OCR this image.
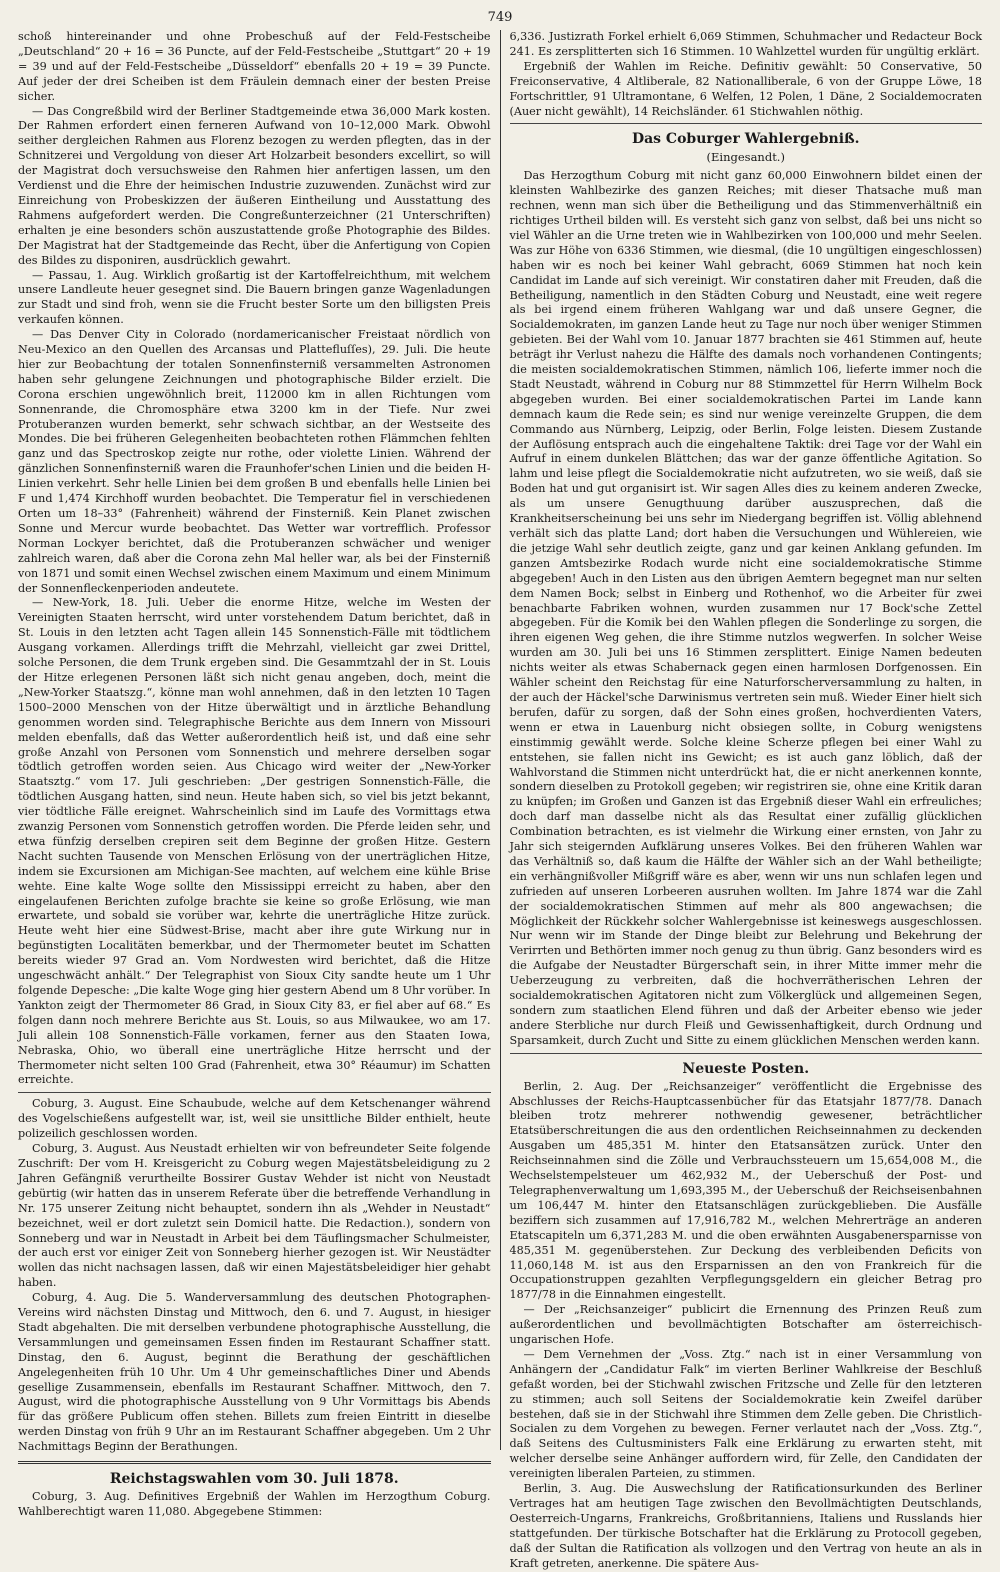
749

schoß hintereinander und ohne Probeschuß auf der Feld-Festscheibe „Deutschland“ 20 + 16 = 36 Puncte, auf der Feld-Festscheibe „Stuttgart“ 20 + 19 = 39 und auf der Feld-Festscheibe „Düsseldorf“ ebenfalls 20 + 19 = 39 Puncte. Auf jeder der drei Scheiben ist dem Fräulein demnach einer der besten Preise sicher.

— Das Congreßbild wird der Berliner Stadtgemeinde etwa 36,000 Mark kosten. Der Rahmen erfordert einen ferneren Aufwand von 10–12,000 Mark. Obwohl seither dergleichen Rahmen aus Florenz bezogen zu werden pflegten, das in der Schnitzerei und Vergoldung von dieser Art Holzarbeit besonders excellirt, so will der Magistrat doch versuchsweise den Rahmen hier anfertigen lassen, um den Verdienst und die Ehre der heimischen Industrie zuzuwenden. Zunächst wird zur Einreichung von Probeskizzen der äußeren Eintheilung und Ausstattung des Rahmens aufgefordert werden. Die Congreßunterzeichner (21 Unterschriften) erhalten je eine besonders schön auszustattende große Photographie des Bildes. Der Magistrat hat der Stadtgemeinde das Recht, über die Anfertigung von Copien des Bildes zu disponiren, ausdrücklich gewahrt.

— Passau, 1. Aug. Wirklich großartig ist der Kartoffelreichthum, mit welchem unsere Landleute heuer gesegnet sind. Die Bauern bringen ganze Wagenladungen zur Stadt und sind froh, wenn sie die Frucht bester Sorte um den billigsten Preis verkaufen können.

— Das Denver City in Colorado (nordamericanischer Freistaat nördlich von Neu-Mexico an den Quellen des Arcansas und Plattefluſſes), 29. Juli. Die heute hier zur Beobachtung der totalen Sonnenfinsterniß versammelten Astronomen haben sehr gelungene Zeichnungen und photographische Bilder erzielt. Die Corona erschien ungewöhnlich breit, 112000 km in allen Richtungen vom Sonnenrande, die Chromosphäre etwa 3200 km in der Tiefe. Nur zwei Protuberanzen wurden bemerkt, sehr schwach sichtbar, an der Westseite des Mondes. Die bei früheren Gelegenheiten beobachteten rothen Flämmchen fehlten ganz und das Spectroskop zeigte nur rothe, oder violette Linien. Während der gänzlichen Sonnenfinsterniß waren die Fraunhofer'schen Linien und die beiden H-Linien verkehrt. Sehr helle Linien bei dem großen B und ebenfalls helle Linien bei F und 1,474 Kirchhoff wurden beobachtet. Die Temperatur fiel in verschiedenen Orten um 18–33° (Fahrenheit) während der Finsterniß. Kein Planet zwischen Sonne und Mercur wurde beobachtet. Das Wetter war vortrefflich. Professor Norman Lockyer berichtet, daß die Protuberanzen schwächer und weniger zahlreich waren, daß aber die Corona zehn Mal heller war, als bei der Finsterniß von 1871 und somit einen Wechsel zwischen einem Maximum und einem Minimum der Sonnenfleckenperioden andeutete.

— New-York, 18. Juli. Ueber die enorme Hitze, welche im Westen der Vereinigten Staaten herrscht, wird unter vorstehendem Datum berichtet, daß in St. Louis in den letzten acht Tagen allein 145 Sonnenstich-Fälle mit tödtlichem Ausgang vorkamen. Allerdings trifft die Mehrzahl, vielleicht gar zwei Drittel, solche Personen, die dem Trunk ergeben sind. Die Gesammtzahl der in St. Louis der Hitze erlegenen Personen läßt sich nicht genau angeben, doch, meint die „New-Yorker Staatszg.“, könne man wohl annehmen, daß in den letzten 10 Tagen 1500–2000 Menschen von der Hitze überwältigt und in ärztliche Behandlung genommen worden sind. Telegraphische Berichte aus dem Innern von Missouri melden ebenfalls, daß das Wetter außerordentlich heiß ist, und daß eine sehr große Anzahl von Personen vom Sonnenstich und mehrere derselben sogar tödtlich getroffen worden seien. Aus Chicago wird weiter der „New-Yorker Staatsztg.“ vom 17. Juli geschrieben: „Der gestrigen Sonnenstich-Fälle, die tödtlichen Ausgang hatten, sind neun. Heute haben sich, so viel bis jetzt bekannt, vier tödtliche Fälle ereignet. Wahrscheinlich sind im Laufe des Vormittags etwa zwanzig Personen vom Sonnenstich getroffen worden. Die Pferde leiden sehr, und etwa fünfzig derselben crepiren seit dem Beginne der großen Hitze. Gestern Nacht suchten Tausende von Menschen Erlösung von der unerträglichen Hitze, indem sie Excursionen am Michigan-See machten, auf welchem eine kühle Brise wehte. Eine kalte Woge sollte den Mississippi erreicht zu haben, aber den eingelaufenen Berichten zufolge brachte sie keine so große Erlösung, wie man erwartete, und sobald sie vorüber war, kehrte die unerträgliche Hitze zurück. Heute weht hier eine Südwest-Brise, macht aber ihre gute Wirkung nur in begünstigten Localitäten bemerkbar, und der Thermometer beutet im Schatten bereits wieder 97 Grad an. Vom Nordwesten wird berichtet, daß die Hitze ungeschwächt anhält.“ Der Telegraphist von Sioux City sandte heute um 1 Uhr folgende Depesche: „Die kalte Woge ging hier gestern Abend um 8 Uhr vorüber. In Yankton zeigt der Thermometer 86 Grad, in Sioux City 83, er fiel aber auf 68.“ Es folgen dann noch mehrere Berichte aus St. Louis, so aus Milwaukee, wo am 17. Juli allein 108 Sonnenstich-Fälle vorkamen, ferner aus den Staaten Iowa, Nebraska, Ohio, wo überall eine unerträgliche Hitze herrscht und der Thermometer nicht selten 100 Grad (Fahrenheit, etwa 30° Réaumur) im Schatten erreichte.

Coburg, 3. August. Eine Schaubude, welche auf dem Ketschenanger während des Vogelschießens aufgestellt war, ist, weil sie unsittliche Bilder enthielt, heute polizeilich geschlossen worden.

Coburg, 3. August. Aus Neustadt erhielten wir von befreundeter Seite folgende Zuschrift: Der vom H. Kreisgericht zu Coburg wegen Majestätsbeleidigung zu 2 Jahren Gefängniß verurtheilte Bossirer Gustav Wehder ist nicht von Neustadt gebürtig (wir hatten das in unserem Referate über die betreffende Verhandlung in Nr. 175 unserer Zeitung nicht behauptet, sondern ihn als „Wehder in Neustadt“ bezeichnet, weil er dort zuletzt sein Domicil hatte. Die Redaction.), sondern von Sonneberg und war in Neustadt in Arbeit bei dem Täuflingsmacher Schulmeister, der auch erst vor einiger Zeit von Sonneberg hierher gezogen ist. Wir Neustädter wollen das nicht nachsagen lassen, daß wir einen Majestätsbeleidiger hier gehabt haben.

Coburg, 4. Aug. Die 5. Wanderversammlung des deutschen Photographen-Vereins wird nächsten Dinstag und Mittwoch, den 6. und 7. August, in hiesiger Stadt abgehalten. Die mit derselben verbundene photographische Ausstellung, die Versammlungen und gemeinsamen Essen finden im Restaurant Schaffner statt. Dinstag, den 6. August, beginnt die Berathung der geschäftlichen Angelegenheiten früh 10 Uhr. Um 4 Uhr gemeinschaftliches Diner und Abends gesellige Zusammensein, ebenfalls im Restaurant Schaffner. Mittwoch, den 7. August, wird die photographische Ausstellung von 9 Uhr Vormittags bis Abends für das größere Publicum offen stehen. Billets zum freien Eintritt in dieselbe werden Dinstag von früh 9 Uhr an im Restaurant Schaffner abgegeben. Um 2 Uhr Nachmittags Beginn der Berathungen.

Reichstagswahlen vom 30. Juli 1878.

Coburg, 3. Aug. Definitives Ergebniß der Wahlen im Herzogthum Coburg. Wahlberechtigt waren 11,080. Abgegebene Stimmen:

6,336. Justizrath Forkel erhielt 6,069 Stimmen, Schuhmacher und Redacteur Bock 241. Es zersplitterten sich 16 Stimmen. 10 Wahlzettel wurden für ungültig erklärt.

Ergebniß der Wahlen im Reiche. Definitiv gewählt: 50 Conservative, 50 Freiconservative, 4 Altliberale, 82 Nationalliberale, 6 von der Gruppe Löwe, 18 Fortschrittler, 91 Ultramontane, 6 Welfen, 12 Polen, 1 Däne, 2 Socialdemocraten (Auer nicht gewählt), 14 Reichsländer. 61 Stichwahlen nöthig.

Das Coburger Wahlergebniß.
(Eingesandt.)

Das Herzogthum Coburg mit nicht ganz 60,000 Einwohnern bildet einen der kleinsten Wahlbezirke des ganzen Reiches; mit dieser Thatsache muß man rechnen, wenn man sich über die Betheiligung und das Stimmenverhältniß ein richtiges Urtheil bilden will. Es versteht sich ganz von selbst, daß bei uns nicht so viel Wähler an die Urne treten wie in Wahlbezirken von 100,000 und mehr Seelen. Was zur Höhe von 6336 Stimmen, wie diesmal, (die 10 ungültigen eingeschlossen) haben wir es noch bei keiner Wahl gebracht, 6069 Stimmen hat noch kein Candidat im Lande auf sich vereinigt. Wir constatiren daher mit Freuden, daß die Betheiligung, namentlich in den Städten Coburg und Neustadt, eine weit regere als bei irgend einem früheren Wahlgang war und daß unsere Gegner, die Socialdemokraten, im ganzen Lande heut zu Tage nur noch über weniger Stimmen gebieten. Bei der Wahl vom 10. Januar 1877 brachten sie 461 Stimmen auf, heute beträgt ihr Verlust nahezu die Hälfte des damals noch vorhandenen Contingents; die meisten socialdemokratischen Stimmen, nämlich 106, lieferte immer noch die Stadt Neustadt, während in Coburg nur 88 Stimmzettel für Herrn Wilhelm Bock abgegeben wurden. Bei einer socialdemokratischen Partei im Lande kann demnach kaum die Rede sein; es sind nur wenige vereinzelte Gruppen, die dem Commando aus Nürnberg, Leipzig, oder Berlin, Folge leisten. Diesem Zustande der Auflösung entsprach auch die eingehaltene Taktik: drei Tage vor der Wahl ein Aufruf in einem dunkelen Blättchen; das war der ganze öffentliche Agitation. So lahm und leise pflegt die Socialdemokratie nicht aufzutreten, wo sie weiß, daß sie Boden hat und gut organisirt ist. Wir sagen Alles dies zu keinem anderen Zwecke, als um unsere Genugthuung darüber auszusprechen, daß die Krankheitserscheinung bei uns sehr im Niedergang begriffen ist. Völlig ablehnend verhält sich das platte Land; dort haben die Versuchungen und Wühlereien, wie die jetzige Wahl sehr deutlich zeigte, ganz und gar keinen Anklang gefunden. Im ganzen Amtsbezirke Rodach wurde nicht eine socialdemokratische Stimme abgegeben! Auch in den Listen aus den übrigen Aemtern begegnet man nur selten dem Namen Bock; selbst in Einberg und Rothenhof, wo die Arbeiter für zwei benachbarte Fabriken wohnen, wurden zusammen nur 17 Bock'sche Zettel abgegeben. Für die Komik bei den Wahlen pflegen die Sonderlinge zu sorgen, die ihren eigenen Weg gehen, die ihre Stimme nutzlos wegwerfen. In solcher Weise wurden am 30. Juli bei uns 16 Stimmen zersplittert. Einige Namen bedeuten nichts weiter als etwas Schabernack gegen einen harmlosen Dorfgenossen. Ein Wähler scheint den Reichstag für eine Naturforscherversammlung zu halten, in der auch der Häckel'sche Darwinismus vertreten sein muß. Wieder Einer hielt sich berufen, dafür zu sorgen, daß der Sohn eines großen, hochverdienten Vaters, wenn er etwa in Lauenburg nicht obsiegen sollte, in Coburg wenigstens einstimmig gewählt werde. Solche kleine Scherze pflegen bei einer Wahl zu entstehen, sie fallen nicht ins Gewicht; es ist auch ganz löblich, daß der Wahlvorstand die Stimmen nicht unterdrückt hat, die er nicht anerkennen konnte, sondern dieselben zu Protokoll gegeben; wir registriren sie, ohne eine Kritik daran zu knüpfen; im Großen und Ganzen ist das Ergebniß dieser Wahl ein erfreuliches; doch darf man dasselbe nicht als das Resultat einer zufällig glücklichen Combination betrachten, es ist vielmehr die Wirkung einer ernsten, von Jahr zu Jahr sich steigernden Aufklärung unseres Volkes. Bei den früheren Wahlen war das Verhältniß so, daß kaum die Hälfte der Wähler sich an der Wahl betheiligte; ein verhängnißvoller Mißgriff wäre es aber, wenn wir uns nun schlafen legen und zufrieden auf unseren Lorbeeren ausruhen wollten. Im Jahre 1874 war die Zahl der socialdemokratischen Stimmen auf mehr als 800 angewachsen; die Möglichkeit der Rückkehr solcher Wahlergebnisse ist keineswegs ausgeschlossen. Nur wenn wir im Stande der Dinge bleibt zur Belehrung und Bekehrung der Verirrten und Bethörten immer noch genug zu thun übrig. Ganz besonders wird es die Aufgabe der Neustadter Bürgerschaft sein, in ihrer Mitte immer mehr die Ueberzeugung zu verbreiten, daß die hochverrätherischen Lehren der socialdemokratischen Agitatoren nicht zum Völkerglück und allgemeinen Segen, sondern zum staatlichen Elend führen und daß der Arbeiter ebenso wie jeder andere Sterbliche nur durch Fleiß und Gewissenhaftigkeit, durch Ordnung und Sparsamkeit, durch Zucht und Sitte zu einem glücklichen Menschen werden kann.

Neueste Posten.

Berlin, 2. Aug. Der „Reichsanzeiger“ veröffentlicht die Ergebnisse des Abschlusses der Reichs-Hauptcassenbücher für das Etatsjahr 1877/78. Danach bleiben trotz mehrerer nothwendig gewesener, beträchtlicher Etatsüberschreitungen die aus den ordentlichen Reichseinnahmen zu deckenden Ausgaben um 485,351 M. hinter den Etatsansätzen zurück. Unter den Reichseinnahmen sind die Zölle und Verbrauchssteuern um 15,654,008 M., die Wechselstempelsteuer um 462,932 M., der Ueberschuß der Post- und Telegraphenverwaltung um 1,693,395 M., der Ueberschuß der Reichseisenbahnen um 106,447 M. hinter den Etatsanschlägen zurückgeblieben. Die Ausfälle beziffern sich zusammen auf 17,916,782 M., welchen Mehrerträge an anderen Etatscapiteln um 6,371,283 M. und die oben erwähnten Ausgabenersparnisse von 485,351 M. gegenüberstehen. Zur Deckung des verbleibenden Deficits von 11,060,148 M. ist aus den Ersparnissen an den von Frankreich für die Occupationstruppen gezahlten Verpflegungsgeldern ein gleicher Betrag pro 1877/78 in die Einnahmen eingestellt.

— Der „Reichsanzeiger“ publicirt die Ernennung des Prinzen Reuß zum außerordentlichen und bevollmächtigten Botschafter am österreichisch-ungarischen Hofe.

— Dem Vernehmen der „Voss. Ztg.“ nach ist in einer Versammlung von Anhängern der „Candidatur Falk“ im vierten Berliner Wahlkreise der Beschluß gefaßt worden, bei der Stichwahl zwischen Fritzsche und Zelle für den letzteren zu stimmen; auch soll Seitens der Socialdemokratie kein Zweifel darüber bestehen, daß sie in der Stichwahl ihre Stimmen dem Zelle geben. Die Christlich-Socialen zu dem Vorgehen zu bewegen. Ferner verlautet nach der „Voss. Ztg.“, daß Seitens des Cultusministers Falk eine Erklärung zu erwarten steht, mit welcher derselbe seine Anhänger auffordern wird, für Zelle, den Candidaten der vereinigten liberalen Parteien, zu stimmen.

Berlin, 3. Aug. Die Auswechslung der Ratificationsurkunden des Berliner Vertrages hat am heutigen Tage zwischen den Bevollmächtigten Deutschlands, Oesterreich-Ungarns, Frankreichs, Großbritanniens, Italiens und Russlands hier stattgefunden. Der türkische Botschafter hat die Erklärung zu Protocoll gegeben, daß der Sultan die Ratification als vollzogen und den Vertrag von heute an als in Kraft getreten, anerkenne. Die spätere Aus-
